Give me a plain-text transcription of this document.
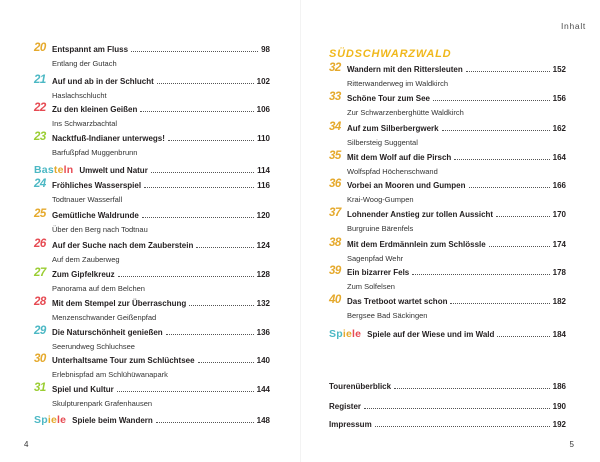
Inhalt
4	5
SÜDSCHWARZWALD
20 Entspannt am Fluss	98
Entlang der Gutach
21 Auf und ab in der Schlucht	102
Haslachschlucht
22 Zu den kleinen Geißen	106
Ins Schwarzbachtal
23 Nacktfuß-Indianer unterwegs!	110
Barfußpfad Muggenbrunn
24 Fröhliches Wasserspiel	116
Todtnauer Wasserfall
25 Gemütliche Waldrunde	120
Über den Berg nach Todtnau
26 Auf der Suche nach dem Zauberstein	124
Auf dem Zauberweg
27 Zum Gipfelkreuz	128
Panorama auf dem Belchen
28 Mit dem Stempel zur Überraschung	132
Menzenschwander Geißenpfad
29 Die Naturschönheit genießen	136
Seerundweg Schluchsee
30 Unterhaltsame Tour zum Schlüchtsee	140
Erlebnispfad am Schlühüwanapark
31 Spiel und Kultur	144
Skulpturenpark Grafenhausen
Basteln Umwelt und Natur	114
Spiele Spiele beim Wandern	148
32 Wandern mit den Rittersleuten	152
Ritterwanderweg im Waldkirch
33 Schöne Tour zum See	156
Zur Schwarzenberghütte Waldkirch
34 Auf zum Silberbergwerk	162
Silbersteig Suggental
35 Mit dem Wolf auf die Pirsch	164
Wolfspfad Höchenschwand
36 Vorbei an Mooren und Gumpen	166
Krai-Woog-Gumpen
37 Lohnender Anstieg zur tollen Aussicht	170
Burgruine Bärenfels
38 Mit dem Erdmännlein zum Schlössle	174
Sagenpfad Wehr
39 Ein bizarrer Fels	178
Zum Solfelsen
40 Das Tretboot wartet schon	182
Bergsee Bad Säckingen
Spiele Spiele auf der Wiese und im Wald	184
Tourenüberblick	186
Register	190
Impressum	192
